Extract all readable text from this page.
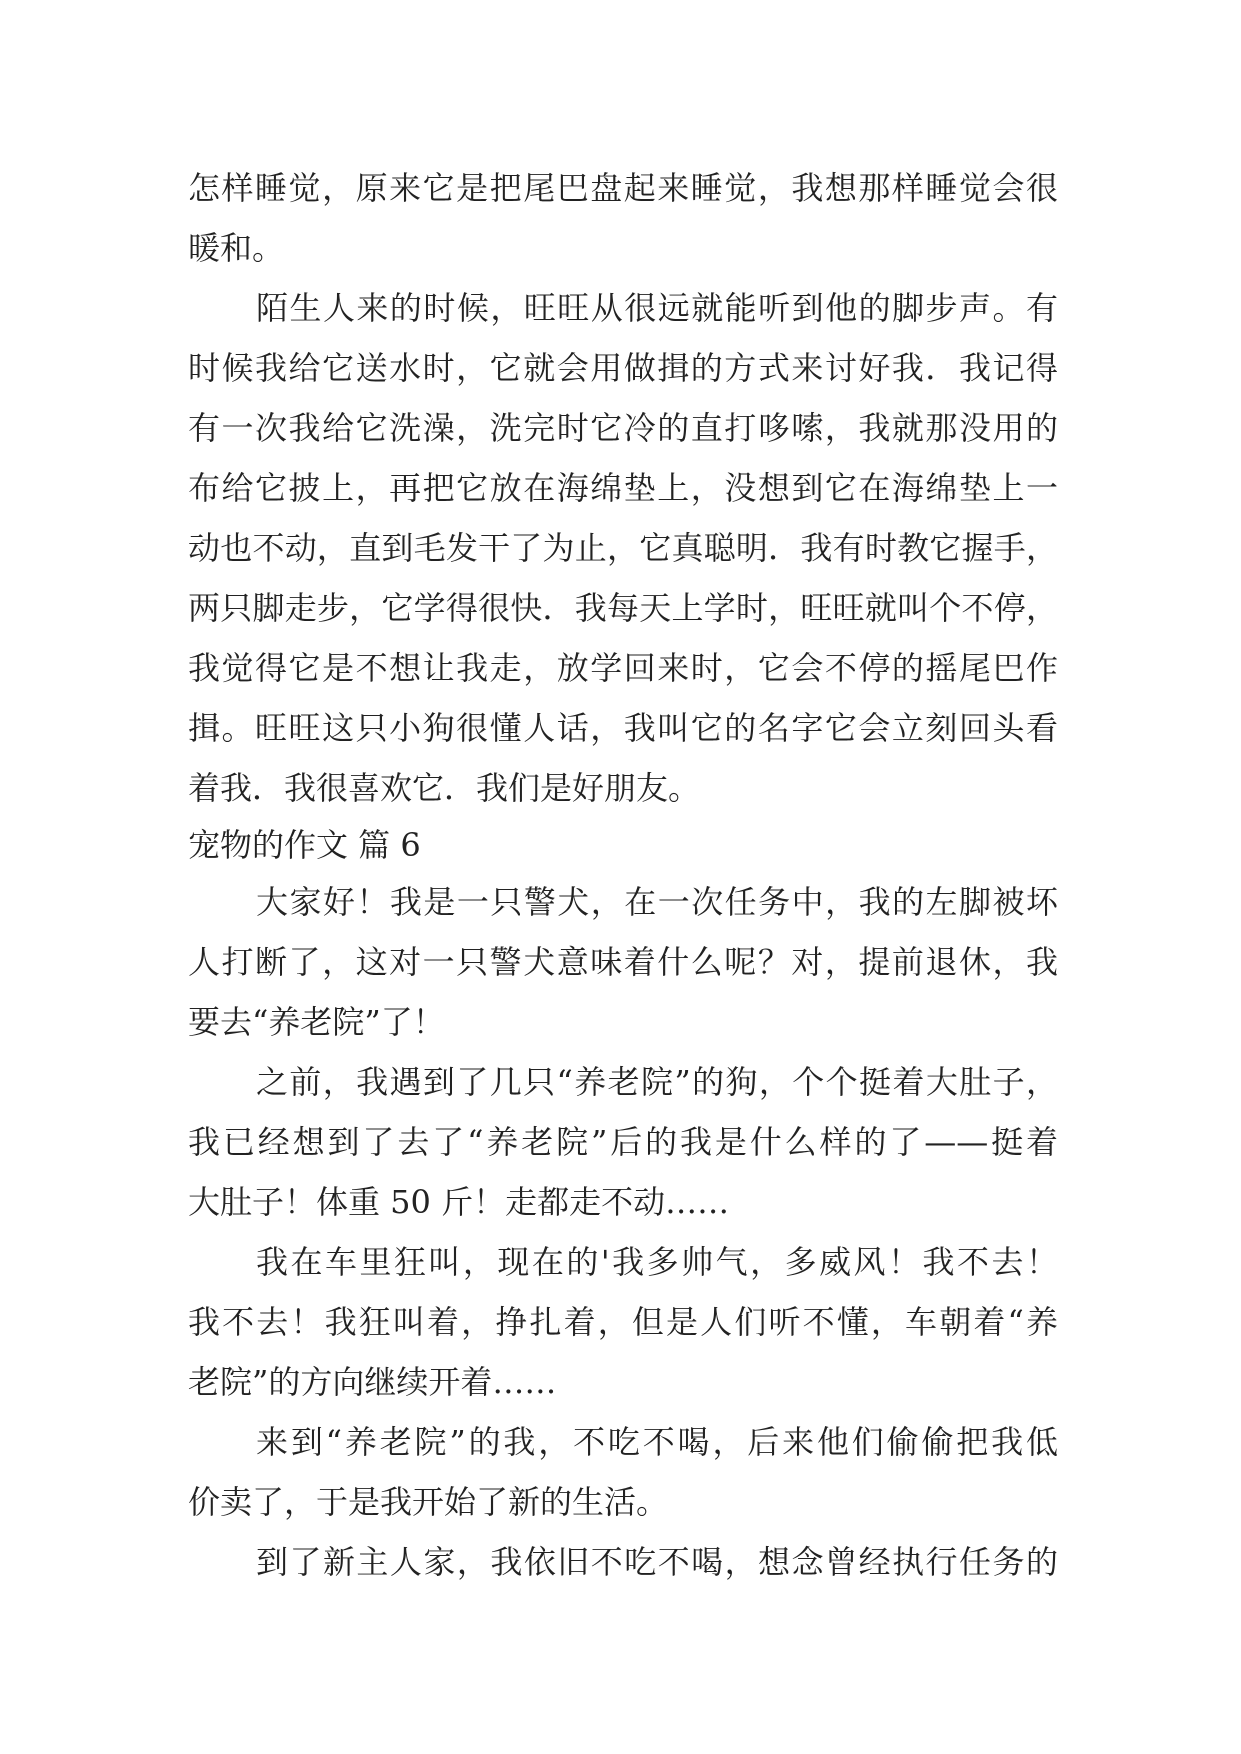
怎样睡觉，原来它是把尾巴盘起来睡觉，我想那样睡觉会很
暖和。
陌生人来的时候，旺旺从很远就能听到他的脚步声。有
时候我给它送水时，它就会用做揖的方式来讨好我．我记得
有一次我给它洗澡，洗完时它冷的直打哆嗦，我就那没用的
布给它披上，再把它放在海绵垫上，没想到它在海绵垫上一
动也不动，直到毛发干了为止，它真聪明．我有时教它握手，
两只脚走步，它学得很快．我每天上学时，旺旺就叫个不停，
我觉得它是不想让我走，放学回来时，它会不停的摇尾巴作
揖。旺旺这只小狗很懂人话，我叫它的名字它会立刻回头看
着我．我很喜欢它．我们是好朋友。
宠物的作文 篇 6
大家好！我是一只警犬，在一次任务中，我的左脚被坏
人打断了，这对一只警犬意味着什么呢？对，提前退休，我
要去“养老院”了！
之前，我遇到了几只“养老院”的狗，个个挺着大肚子，
我已经想到了去了“养老院”后的我是什么样的了——挺着
大肚子！体重 50 斤！走都走不动……
我在车里狂叫，现在的'我多帅气，多威风！我不去！
我不去！我狂叫着，挣扎着，但是人们听不懂，车朝着“养
老院”的方向继续开着……
来到“养老院”的我，不吃不喝，后来他们偷偷把我低
价卖了，于是我开始了新的生活。
到了新主人家，我依旧不吃不喝，想念曾经执行任务的
